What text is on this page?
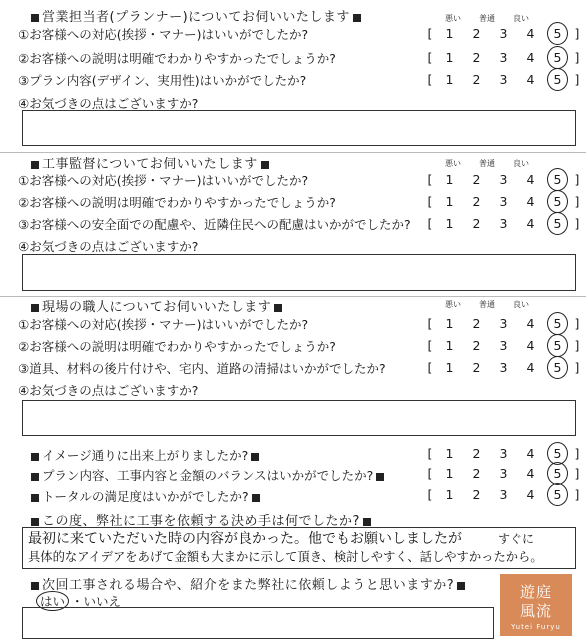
営業担当者(プランナー)についてお伺いいたします	悪い	普通	良い
①お客様への対応(挨拶・マナー)はいいがでしたか?	[	1	2	3	4	5	]
②お客様への説明は明確でわかりやすかったでしょうか?	[	1	2	3	4	5	]
③プラン内容(デザイン、実用性)はいかがでしたか?	[	1	2	3	4	5	]
④お気づきの点はございますか?
工事監督についてお伺いいたします	悪い	普通	良い
①お客様への対応(挨拶・マナー)はいいがでしたか?	[	1	2	3	4	5	]
②お客様への説明は明確でわかりやすかったでしょうか?	[	1	2	3	4	5	]
③お客様への安全面での配慮や、近隣住民への配慮はいかがでしたか? [	1	2	3	4	5	]
④お気づきの点はございますか?
現場の職人についてお伺いいたします	悪い	普通	良い
①お客様への対応(挨拶・マナー)はいいがでしたか?	[	1	2	3	4	5	]
②お客様への説明は明確でわかりやすかったでしょうか?	[	1	2	3	4	5	]
③道具、材料の後片付けや、宅内、道路の清掃はいかがでしたか?	[	1	2	3	4	5	]
④お気づきの点はございますか?
イメージ通りに出来上がりましたか?	[	1	2	3	4	5	]
プラン内容、工事内容と金額のバランスはいかがでしたか?	[	1	2	3	4	5	]
トータルの満足度はいかがでしたか?	[	1	2	3	4	5	]
この度、弊社に工事を依頼する決め手は何でしたか?
最初に来ていただいた時の内容が良かった。他でもお願いしましたが	すぐに
具体的なアイデアをあげて金額も大まかに示して頂き、検討しやすく、話しやすかったから。
次回工事される場合や、紹介をまた弊社に依頼しようと思いますか?
はい ・いいえ
遊庭
風流
Yutei Furyu
